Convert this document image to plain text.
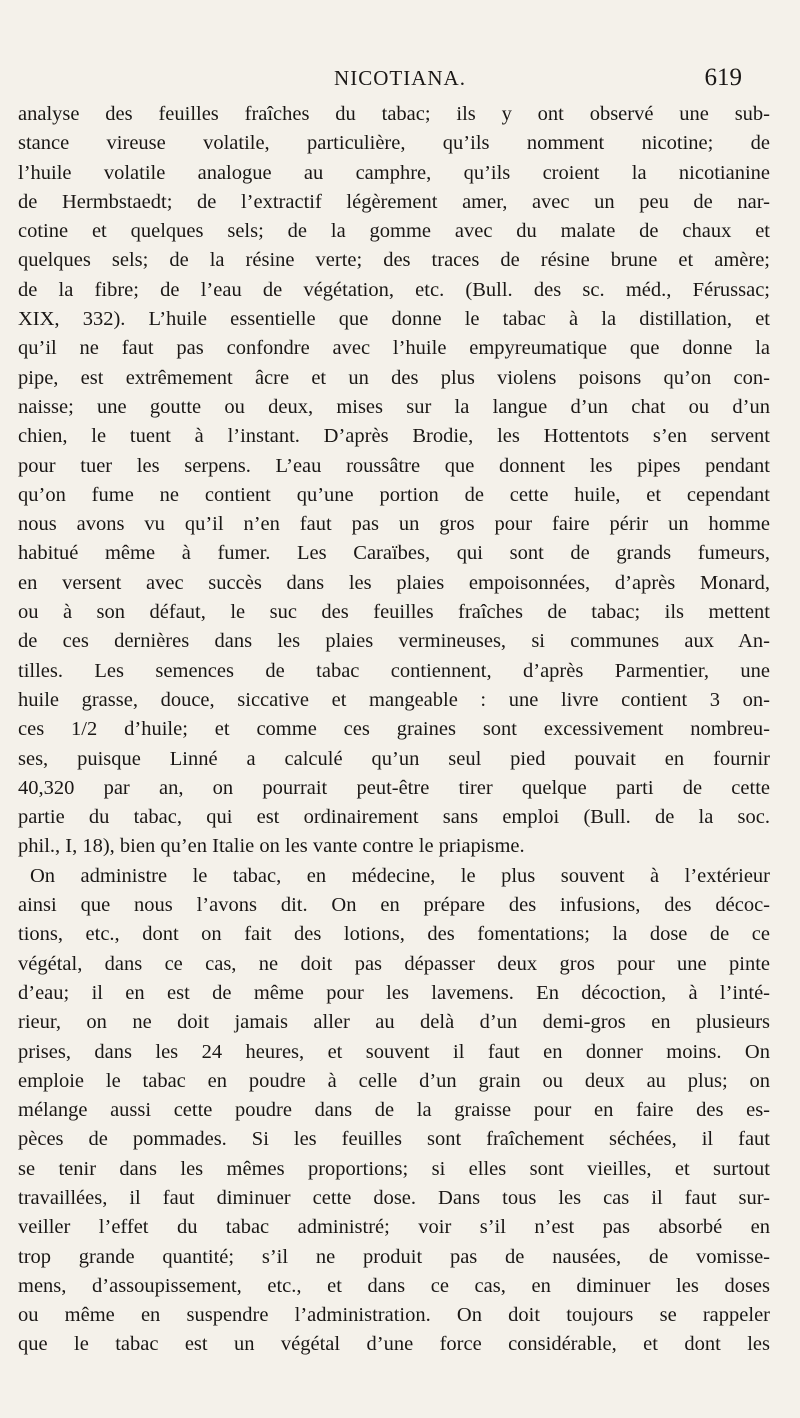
NICOTIANA.	619
analyse des feuilles fraîches du tabac; ils y ont observé une sub-
stance vireuse volatile, particulière, qu’ils nomment nicotine; de
l’huile volatile analogue au camphre, qu’ils croient la nicotianine
de Hermbstaedt; de l’extractif légèrement amer, avec un peu de nar-
cotine et quelques sels; de la gomme avec du malate de chaux et
quelques sels; de la résine verte; des traces de résine brune et amère;
de la fibre; de l’eau de végétation, etc. (Bull. des sc. méd., Férussac;
XIX, 332). L’huile essentielle que donne le tabac à la distillation, et
qu’il ne faut pas confondre avec l’huile empyreumatique que donne la
pipe, est extrêmement âcre et un des plus violens poisons qu’on con-
naisse; une goutte ou deux, mises sur la langue d’un chat ou d’un
chien, le tuent à l’instant. D’après Brodie, les Hottentots s’en servent
pour tuer les serpens. L’eau roussâtre que donnent les pipes pendant
qu’on fume ne contient qu’une portion de cette huile, et cependant
nous avons vu qu’il n’en faut pas un gros pour faire périr un homme
habitué même à fumer. Les Caraïbes, qui sont de grands fumeurs,
en versent avec succès dans les plaies empoisonnées, d’après Monard,
ou à son défaut, le suc des feuilles fraîches de tabac; ils mettent
de ces dernières dans les plaies vermineuses, si communes aux An-
tilles. Les semences de tabac contiennent, d’après Parmentier, une
huile grasse, douce, siccative et mangeable : une livre contient 3 on-
ces 1/2 d’huile; et comme ces graines sont excessivement nombreu-
ses, puisque Linné a calculé qu’un seul pied pouvait en fournir
40,320 par an, on pourrait peut-être tirer quelque parti de cette
partie du tabac, qui est ordinairement sans emploi (Bull. de la soc.
phil., I, 18), bien qu’en Italie on les vante contre le priapisme.
On administre le tabac, en médecine, le plus souvent à l’extérieur
ainsi que nous l’avons dit. On en prépare des infusions, des décoc-
tions, etc., dont on fait des lotions, des fomentations; la dose de ce
végétal, dans ce cas, ne doit pas dépasser deux gros pour une pinte
d’eau; il en est de même pour les lavemens. En décoction, à l’inté-
rieur, on ne doit jamais aller au delà d’un demi-gros en plusieurs
prises, dans les 24 heures, et souvent il faut en donner moins. On
emploie le tabac en poudre à celle d’un grain ou deux au plus; on
mélange aussi cette poudre dans de la graisse pour en faire des es-
pèces de pommades. Si les feuilles sont fraîchement séchées, il faut
se tenir dans les mêmes proportions; si elles sont vieilles, et surtout
travaillées, il faut diminuer cette dose. Dans tous les cas il faut sur-
veiller l’effet du tabac administré; voir s’il n’est pas absorbé en
trop grande quantité; s’il ne produit pas de nausées, de vomisse-
mens, d’assoupissement, etc., et dans ce cas, en diminuer les doses
ou même en suspendre l’administration. On doit toujours se rappeler
que le tabac est un végétal d’une force considérable, et dont les
